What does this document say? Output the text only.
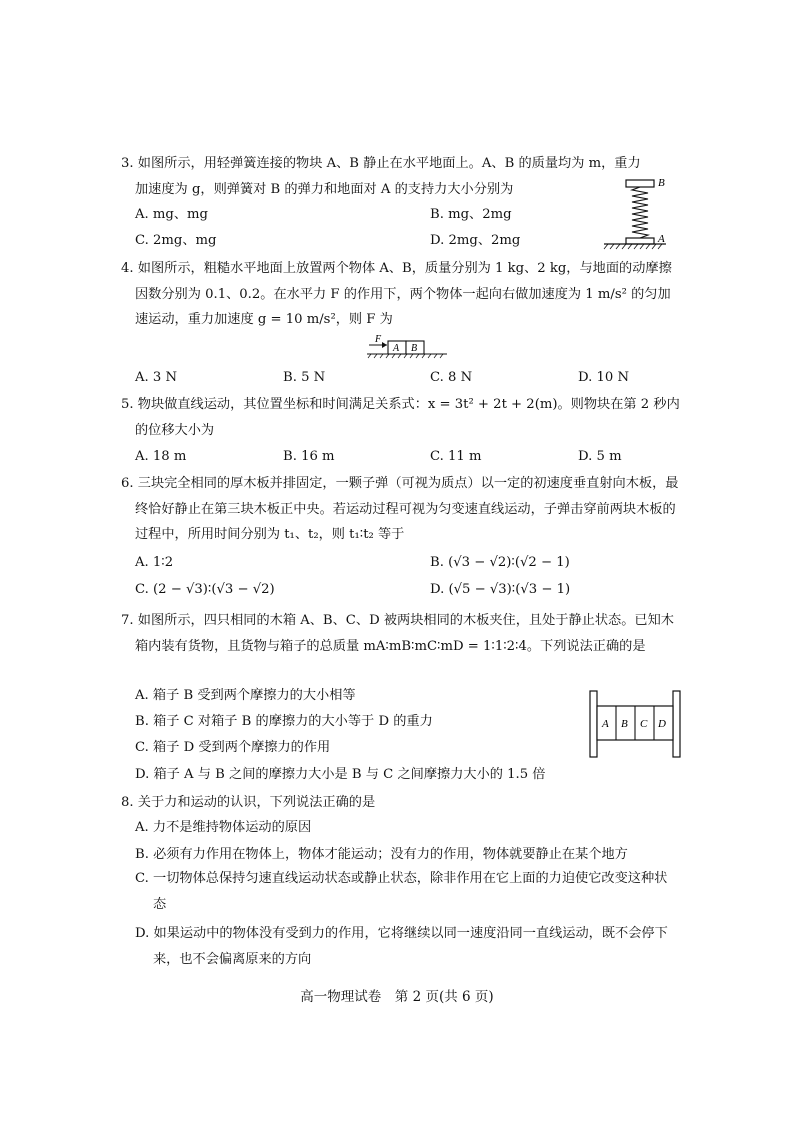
3. 如图所示，用轻弹簧连接的物块 A、B 静止在水平地面上。A、B 的质量均为 m，重力加速度为 g，则弹簧对 B 的弹力和地面对 A 的支持力大小分别为

A. mg、mg	B. mg、2mg
C. 2mg、mg	D. 2mg、2mg
B
A

4. 如图所示，粗糙水平地面上放置两个物体 A、B，质量分别为 1 kg、2 kg，与地面的动摩擦因数分别为 0.1、0.2。在水平力 F 的作用下，两个物体一起向右做加速度为 1 m/s² 的匀加速运动，重力加速度 g = 10 m/s²，则 F 为

F
A B
A. 3 N	B. 5 N	C. 8 N	D. 10 N

5. 物块做直线运动，其位置坐标和时间满足关系式：x = 3t² + 2t + 2(m)。则物块在第 2 秒内的位移大小为

A. 18 m	B. 16 m	C. 11 m	D. 5 m

6. 三块完全相同的厚木板并排固定，一颗子弹（可视为质点）以一定的初速度垂直射向木板，最终恰好静止在第三块木板正中央。若运动过程可视为匀变速直线运动，子弹击穿前两块木板的过程中，所用时间分别为 t₁、t₂，则 t₁∶t₂ 等于

A. 1∶2	B. (√3 − √2)∶(√2 − 1)
C. (2 − √3)∶(√3 − √2)	D. (√5 − √3)∶(√3 − 1)

7. 如图所示，四只相同的木箱 A、B、C、D 被两块相同的木板夹住，且处于静止状态。已知木箱内装有货物，且货物与箱子的总质量 mA∶mB∶mC∶mD = 1∶1∶2∶4。下列说法正确的是

A. 箱子 B 受到两个摩擦力的大小相等
B. 箱子 C 对箱子 B 的摩擦力的大小等于 D 的重力
C. 箱子 D 受到两个摩擦力的作用
D. 箱子 A 与 B 之间的摩擦力大小是 B 与 C 之间摩擦力大小的 1.5 倍
A B C D

8. 关于力和运动的认识，下列说法正确的是

A. 力不是维持物体运动的原因
B. 必须有力作用在物体上，物体才能运动；没有力的作用，物体就要静止在某个地方

C. 一切物体总保持匀速直线运动状态或静止状态，除非作用在它上面的力迫使它改变这种状态

D. 如果运动中的物体没有受到力的作用，它将继续以同一速度沿同一直线运动，既不会停下来，也不会偏离原来的方向

高一物理试卷　第 2 页(共 6 页)
